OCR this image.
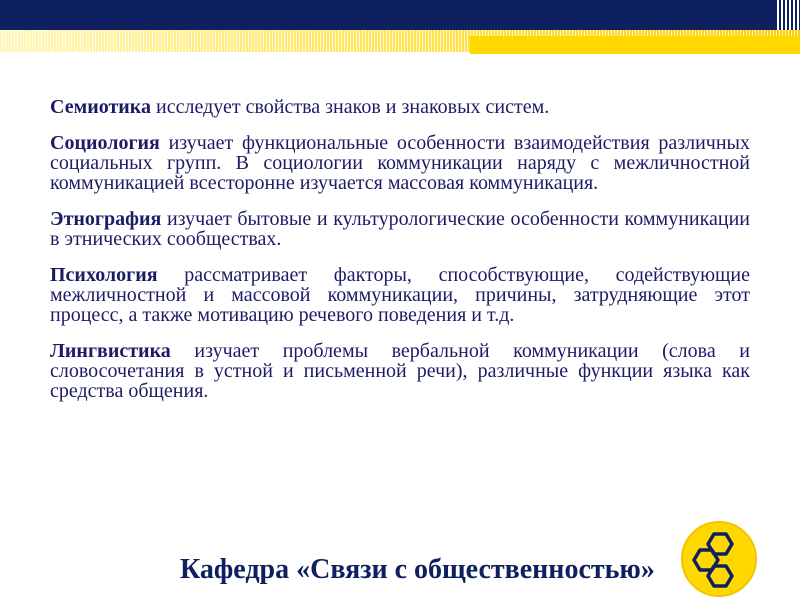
Семиотика исследует свойства знаков и знаковых систем.

Социология изучает функциональные особенности взаимодействия различных социальных групп. В социологии коммуникации наряду с межличностной коммуникацией всесторонне изучается массовая коммуникация.

Этнография изучает бытовые и культурологические особенности коммуникации в этнических сообществах.

Психология рассматривает факторы, способствующие, содействующие межличностной и массовой коммуникации, причины, затрудняющие этот процесс, а также мотивацию речевого поведения и т.д.

Лингвистика изучает проблемы вербальной коммуникации (слова и словосочетания в устной и письменной речи), различные функции языка как средства общения.

Кафедра «Связи с общественностью»
